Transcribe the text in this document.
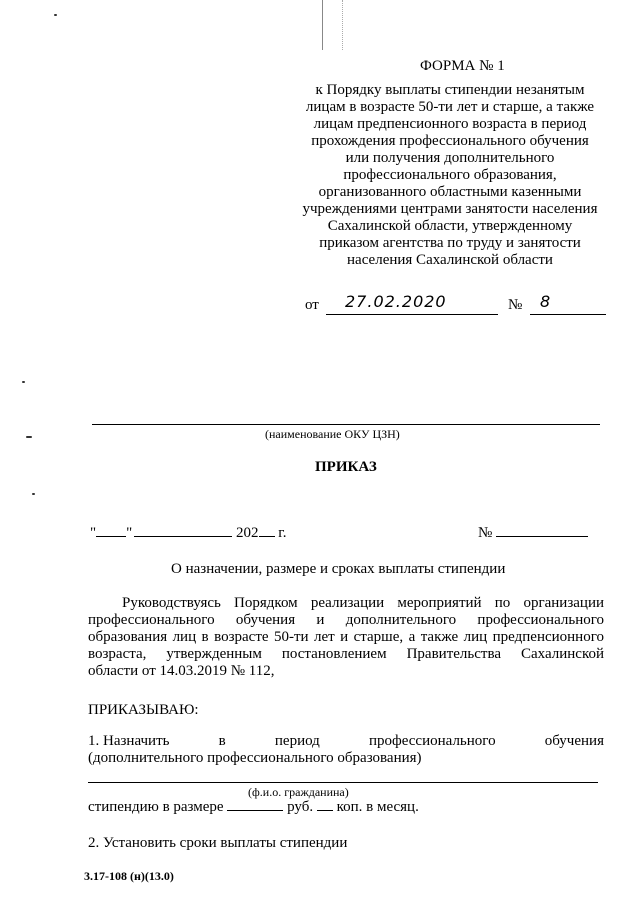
ФОРМА № 1
к Порядку выплаты стипендии незанятым
лицам в возрасте 50-ти лет и старше, а также
лицам предпенсионного возраста в период
прохождения профессионального обучения
или получения дополнительного
профессионального образования,
организованного областными казенными
учреждениями центрами занятости населения
Сахалинской области, утвержденному
приказом агентства по труду и занятости
населения Сахалинской области
от 27.02.2020	№ 8
(наименование ОКУ ЦЗН)
ПРИКАЗ
" "	202 г.	№
О назначении, размере и сроках выплаты стипендии
Руководствуясь Порядком реализации мероприятий по организации
профессионального обучения и дополнительного профессионального
образования лиц в возрасте 50-ти лет и старше, а также лиц предпенсионного
возраста, утвержденным постановлением Правительства Сахалинской
области от 14.03.2019 № 112,
ПРИКАЗЫВАЮ:
1. Назначить	в	период	профессионального	обучения
(дополнительного профессионального образования)
(ф.и.о. гражданина)
стипендию в размере	руб. коп. в месяц.
2. Установить сроки выплаты стипендии
3.17-108 (н)(13.0)
